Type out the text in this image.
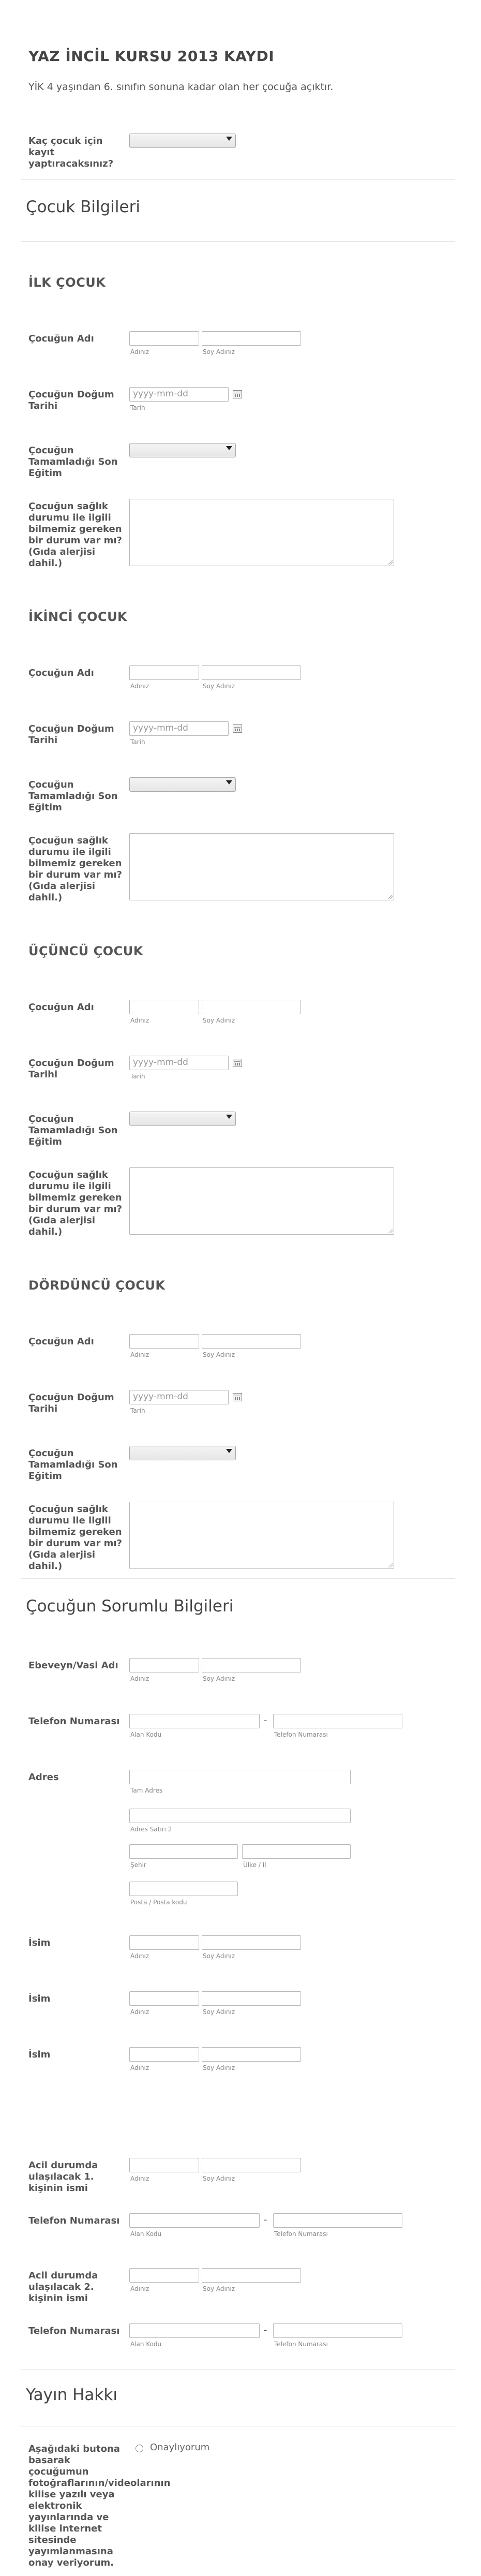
YAZ İNCİL KURSU 2013 KAYDI
YİK 4 yaşından 6. sınıfın sonuna kadar olan her çocuğa açıktır.
Kaç çocuk için kayıt yaptıracaksınız?
Çocuk Bilgileri
İLK ÇOCUK
Çocuğun Adı
Adınız	Soy Adınız
Çocuğun Doğum Tarihi
yyyy-mm-dd
Tarih
Çocuğun Tamamladığı Son Eğitim
Çocuğun sağlık durumu ile ilgili bilmemiz gereken bir durum var mı? (Gıda alerjisi dahil.)
İKİNCİ ÇOCUK
Çocuğun Adı
Adınız	Soy Adınız
Çocuğun Doğum Tarihi
yyyy-mm-dd
Tarih
Çocuğun Tamamladığı Son Eğitim
Çocuğun sağlık durumu ile ilgili bilmemiz gereken bir durum var mı? (Gıda alerjisi dahil.)
ÜÇÜNCÜ ÇOCUK
Çocuğun Adı
Adınız	Soy Adınız
Çocuğun Doğum Tarihi
yyyy-mm-dd
Tarih
Çocuğun Tamamladığı Son Eğitim
Çocuğun sağlık durumu ile ilgili bilmemiz gereken bir durum var mı? (Gıda alerjisi dahil.)
DÖRDÜNCÜ ÇOCUK
Çocuğun Adı
Adınız	Soy Adınız
Çocuğun Doğum Tarihi
yyyy-mm-dd
Tarih
Çocuğun Tamamladığı Son Eğitim
Çocuğun sağlık durumu ile ilgili bilmemiz gereken bir durum var mı? (Gıda alerjisi dahil.)
Çocuğun Sorumlu Bilgileri
Ebeveyn/Vasi Adı
Adınız	Soy Adınız
Telefon Numarası	-
Alan Kodu	Telefon Numarası
Adres
Tam Adres
Adres Satırı 2
Şehir	Ülke / Il
Posta / Posta kodu
İsim
Adınız	Soy Adınız
İsim
Adınız	Soy Adınız
İsim
Adınız	Soy Adınız
Acil durumda ulaşılacak 1. kişinin ismi
Adınız	Soy Adınız
Telefon Numarası	-
Alan Kodu	Telefon Numarası
Acil durumda ulaşılacak 2. kişinin ismi
Adınız	Soy Adınız
Telefon Numarası	-
Alan Kodu	Telefon Numarası
Yayın Hakkı
Aşağıdaki butona basarak çocuğumun fotoğraflarının/videolarının kilise yazılı veya elektronik yayınlarında ve kilise internet sitesinde yayımlanmasına onay veriyorum.
Onaylıyorum
